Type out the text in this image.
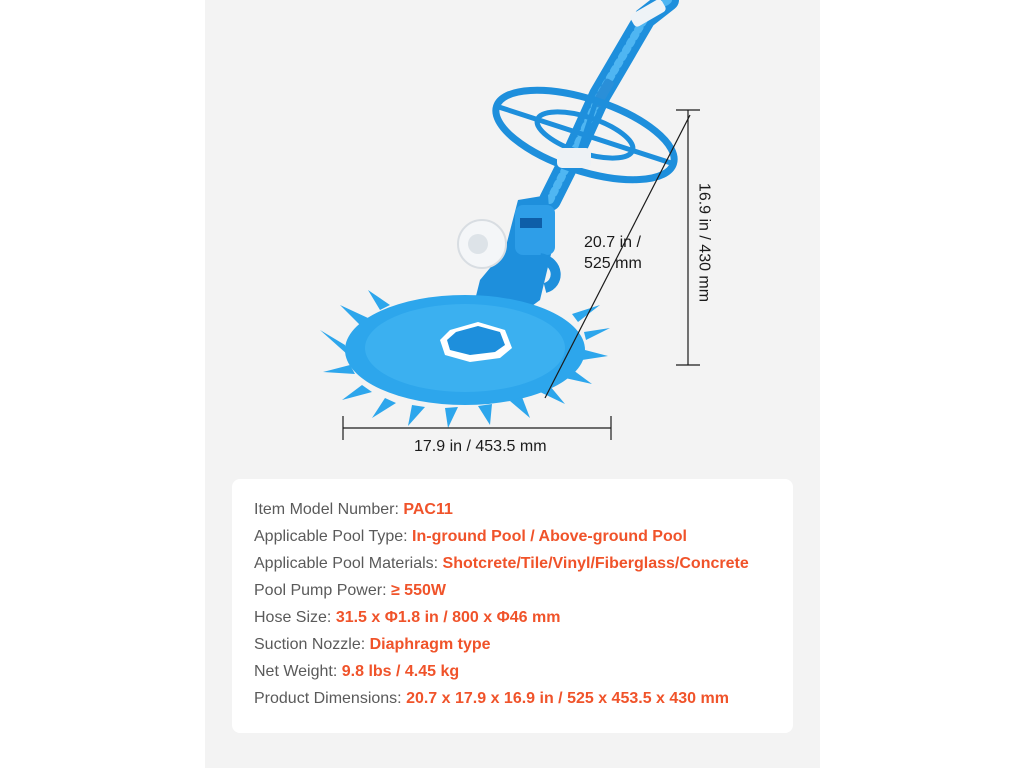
17.9 in / 453.5 mm
20.7 in /
525 mm	16.9 in / 430 mm
Item Model Number: PAC11
Applicable Pool Type: In-ground Pool / Above-ground Pool
Applicable Pool Materials: Shotcrete/Tile/Vinyl/Fiberglass/Concrete
Pool Pump Power: ≥ 550W
Hose Size: 31.5 x Φ1.8 in / 800 x Φ46 mm
Suction Nozzle: Diaphragm type
Net Weight: 9.8 lbs / 4.45 kg
Product Dimensions: 20.7 x 17.9 x 16.9 in / 525 x 453.5 x 430 mm
